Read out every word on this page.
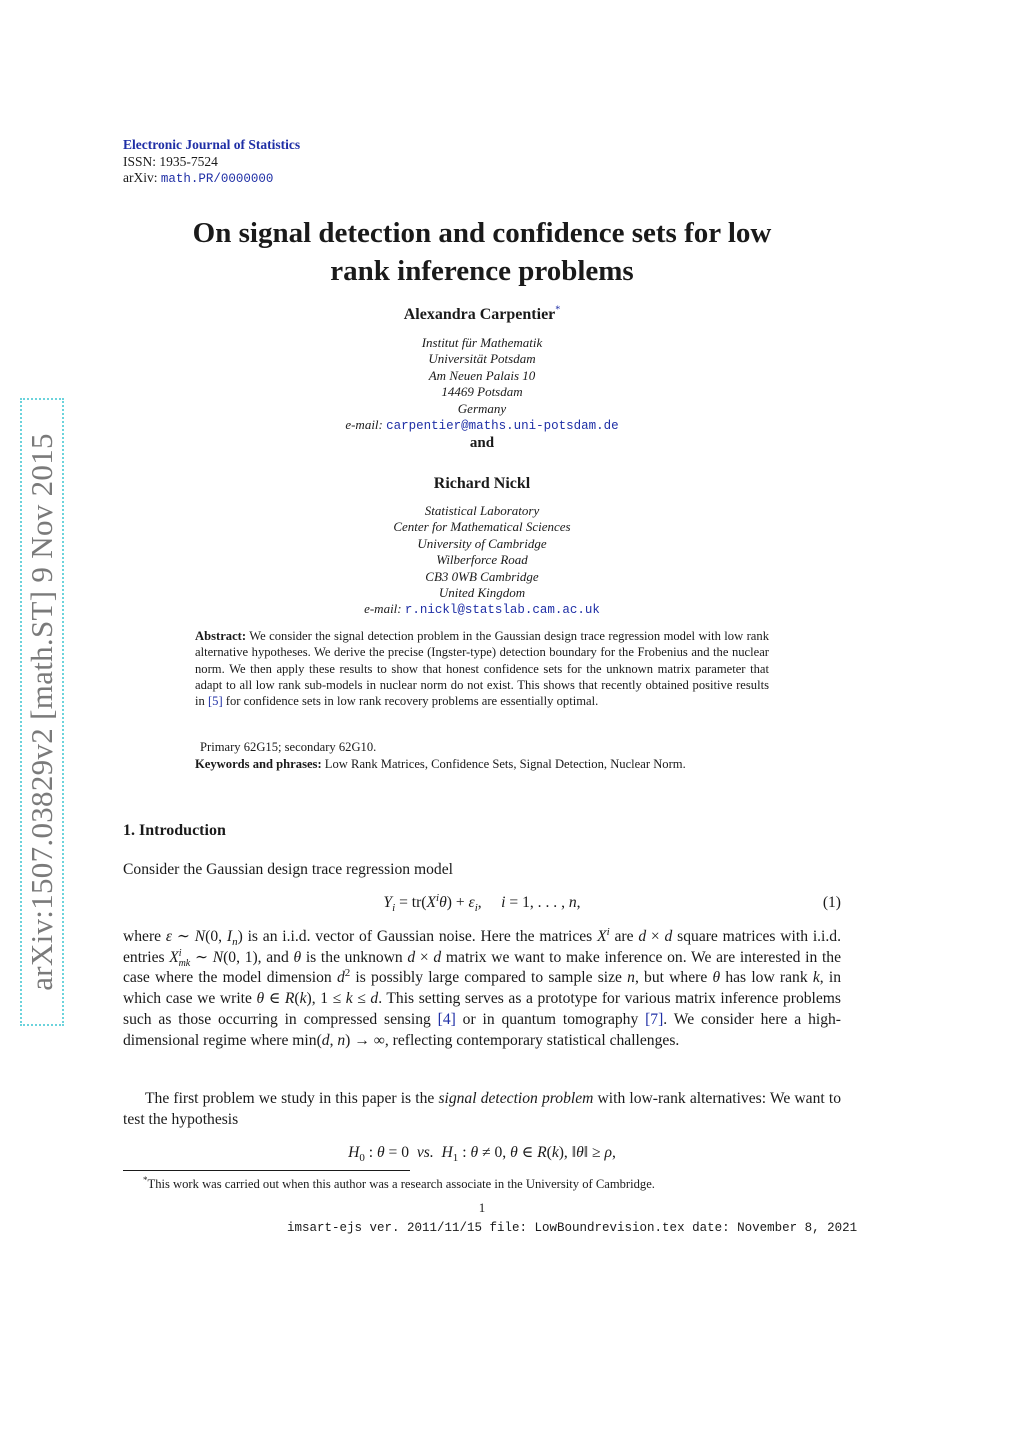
arXiv:1507.03829v2 [math.ST] 9 Nov 2015
Electronic Journal of Statistics
ISSN: 1935-7524
arXiv: math.PR/0000000
On signal detection and confidence sets for low
rank inference problems
Alexandra Carpentier*
Institut für Mathematik
Universität Potsdam
Am Neuen Palais 10
14469 Potsdam
Germany
e-mail: carpentier@maths.uni-potsdam.de
and
Richard Nickl
Statistical Laboratory
Center for Mathematical Sciences
University of Cambridge
Wilberforce Road
CB3 0WB Cambridge
United Kingdom
e-mail: r.nickl@statslab.cam.ac.uk
Abstract: We consider the signal detection problem in the Gaussian design trace regression model with low rank alternative hypotheses. We derive the precise (Ingster-type) detection boundary for the Frobenius and the nuclear norm. We then apply these results to show that honest confidence sets for the unknown matrix parameter that adapt to all low rank sub-models in nuclear norm do not exist. This shows that recently obtained positive results in [5] for confidence sets in low rank recovery problems are essentially optimal.
Primary 62G15; secondary 62G10.
Keywords and phrases: Low Rank Matrices, Confidence Sets, Signal Detection, Nuclear Norm.
1. Introduction
Consider the Gaussian design trace regression model
$Y_i = tr(X^i\theta) + \varepsilon_i$,     i = 1, . . . , n,	(1)
where ε ∼ N(0, $I_n$) is an i.i.d. vector of Gaussian noise. Here the matrices $X^i$ are d × d square matrices with i.i.d. entries $X^i_{mk}$ ∼ N(0, 1), and θ is the unknown d × d matrix we want to make inference on. We are interested in the case where the model dimension $d^2$ is possibly large compared to sample size n, but where θ has low rank k, in which case we write θ ∈ R(k), 1 ≤ k ≤ d. This setting serves as a prototype for various matrix inference problems such as those occurring in compressed sensing [4] or in quantum tomography [7]. We consider here a high-dimensional regime where min(d, n) → ∞, reflecting contemporary statistical challenges.
The first problem we study in this paper is the signal detection problem with low-rank alternatives: We want to test the hypothesis
$H_0$ : θ = 0  vs. $H_1$ : θ ≠ 0, θ ∈ R(k), ‖θ‖ ≥ ρ,
*This work was carried out when this author was a research associate in the University of Cambridge.
1
imsart-ejs ver. 2011/11/15 file: LowBoundrevision.tex date: November 8, 2021
